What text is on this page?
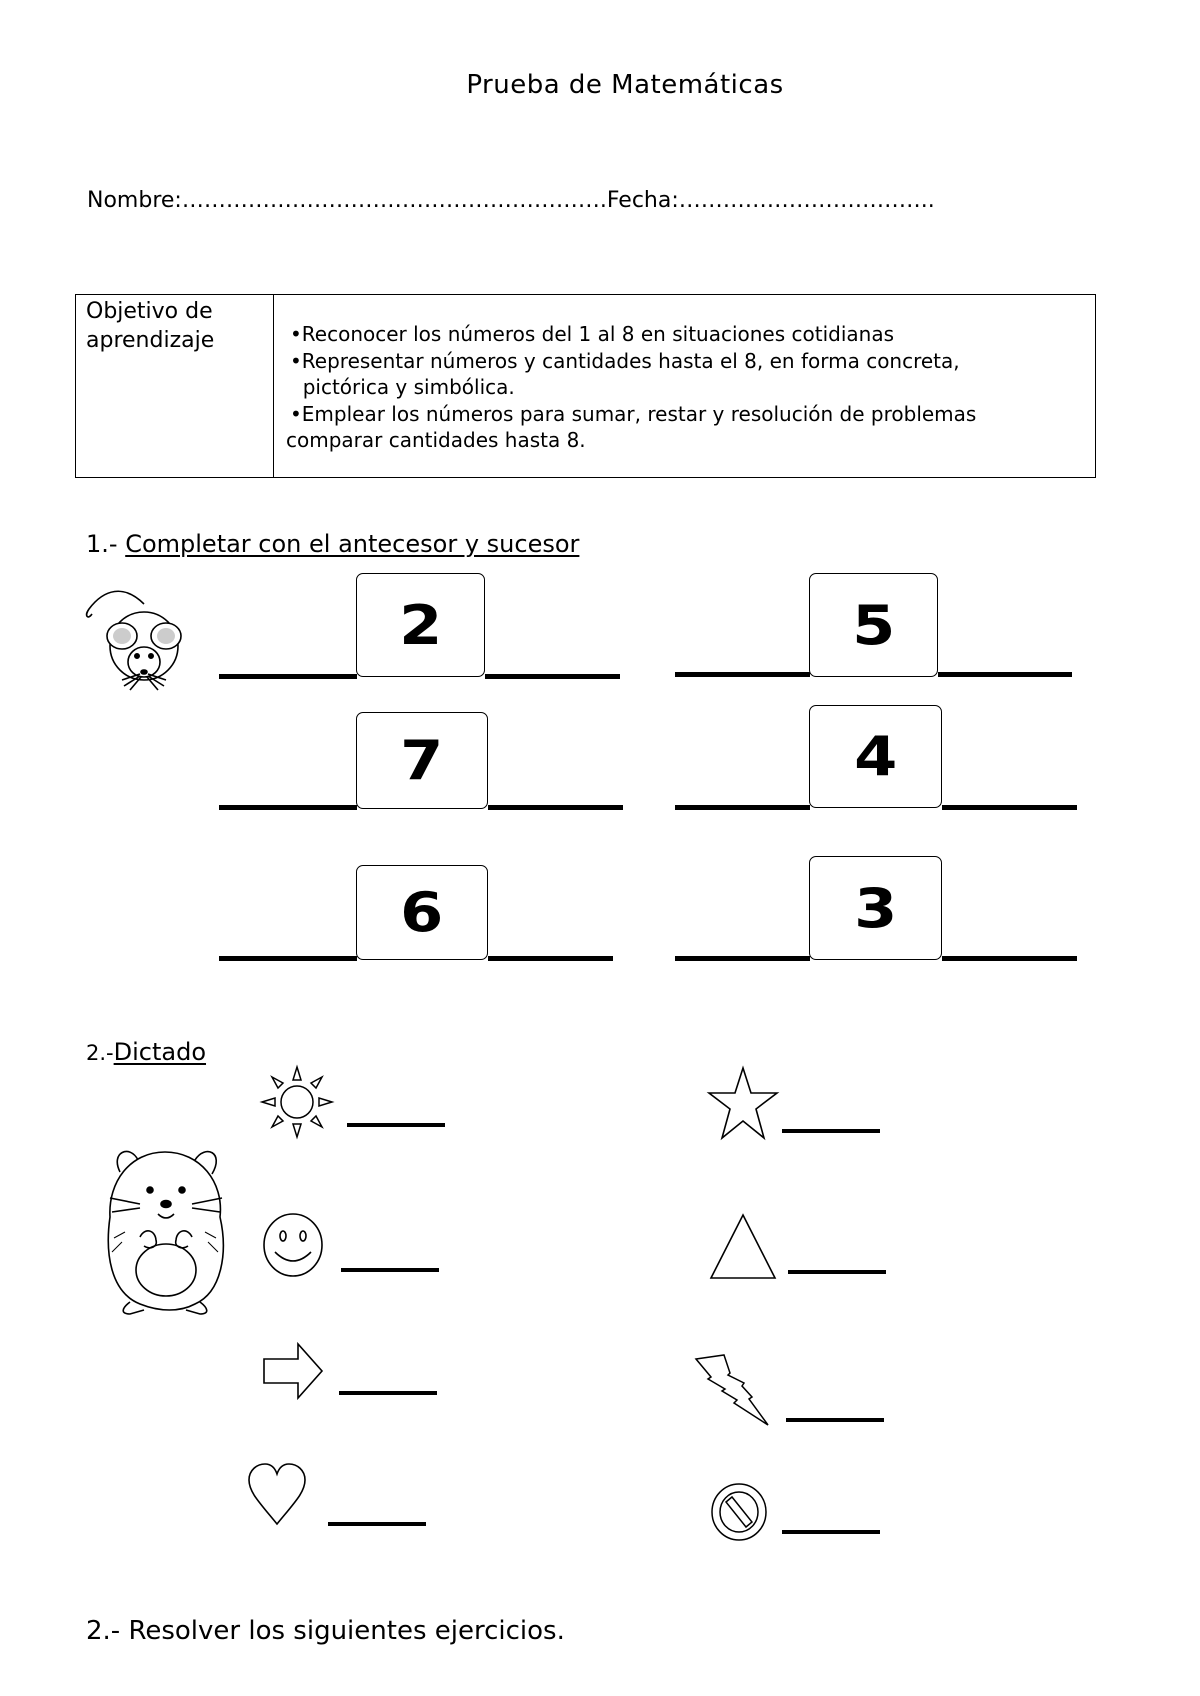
Prueba de Matemáticas
Nombre:………………………………………………….Fecha:……………………………..
Objetivo de
aprendizaje	•Reconocer los números del 1 al 8 en situaciones cotidianas
•Representar números y cantidades hasta el 8, en forma concreta,
pictórica y simbólica.
•Emplear los números para sumar, restar y resolución de problemas
comparar cantidades hasta 8.
1.- Completar con el antecesor y sucesor
2	5
7	4
6	3
2.-Dictado
2.- Resolver los siguientes ejercicios.
